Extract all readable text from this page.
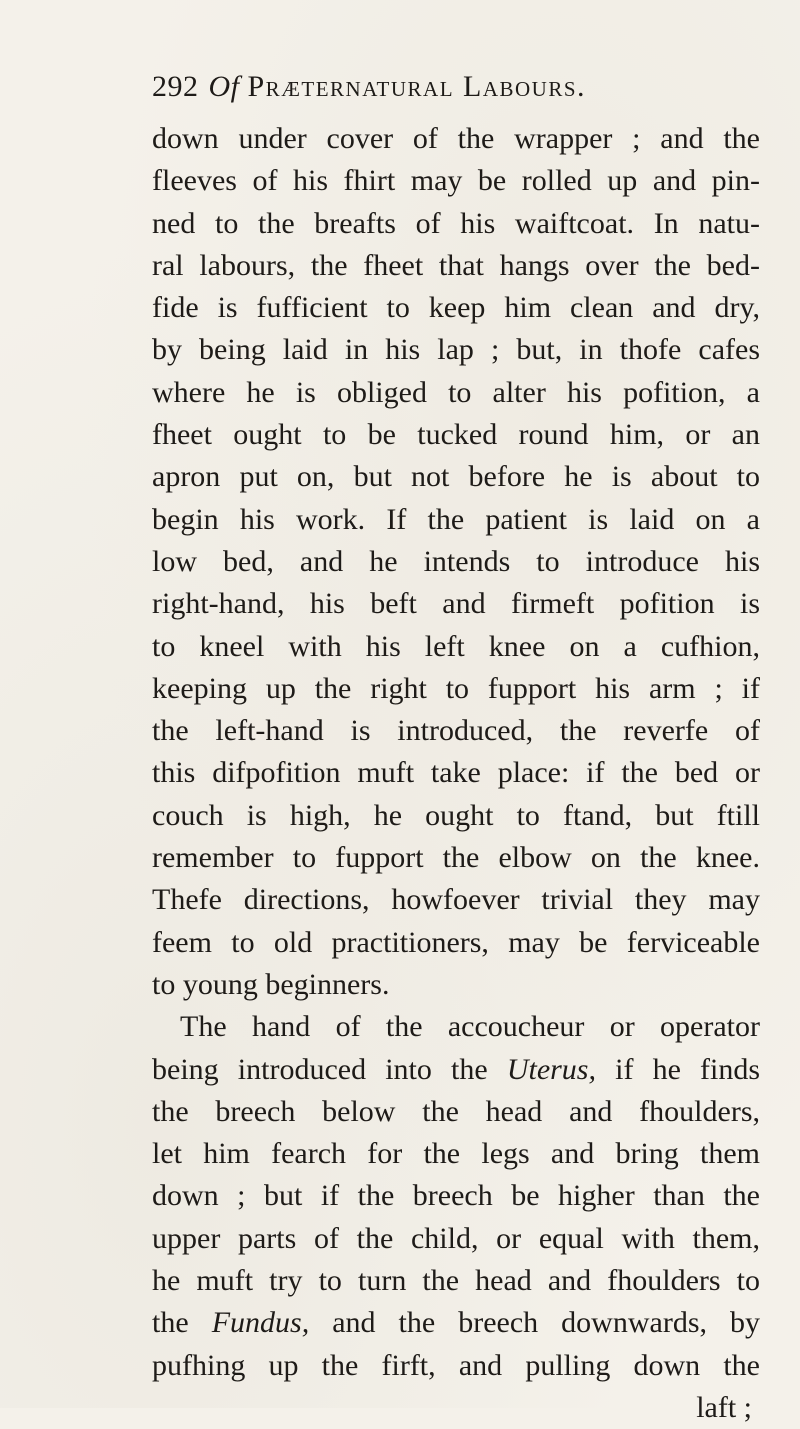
292 Of Præternatural Labours.
down under cover of the wrapper ; and the
fleeves of his fhirt may be rolled up and pin-
ned to the breafts of his waiftcoat. In natu-
ral labours, the fheet that hangs over the bed-
fide is fufficient to keep him clean and dry,
by being laid in his lap ; but, in thofe cafes
where he is obliged to alter his pofition, a
fheet ought to be tucked round him, or an
apron put on, but not before he is about to
begin his work. If the patient is laid on a
low bed, and he intends to introduce his
right-hand, his beft and firmeft pofition is
to kneel with his left knee on a cufhion,
keeping up the right to fupport his arm ; if
the left-hand is introduced, the reverfe of
this difpofition muft take place: if the bed or
couch is high, he ought to ftand, but ftill
remember to fupport the elbow on the knee.
Thefe directions, howfoever trivial they may
feem to old practitioners, may be ferviceable
to young beginners.
The hand of the accoucheur or operator
being introduced into the Uterus, if he finds
the breech below the head and fhoulders,
let him fearch for the legs and bring them
down ; but if the breech be higher than the
upper parts of the child, or equal with them,
he muft try to turn the head and fhoulders to
the Fundus, and the breech downwards, by
pufhing up the firft, and pulling down the
laft ;
